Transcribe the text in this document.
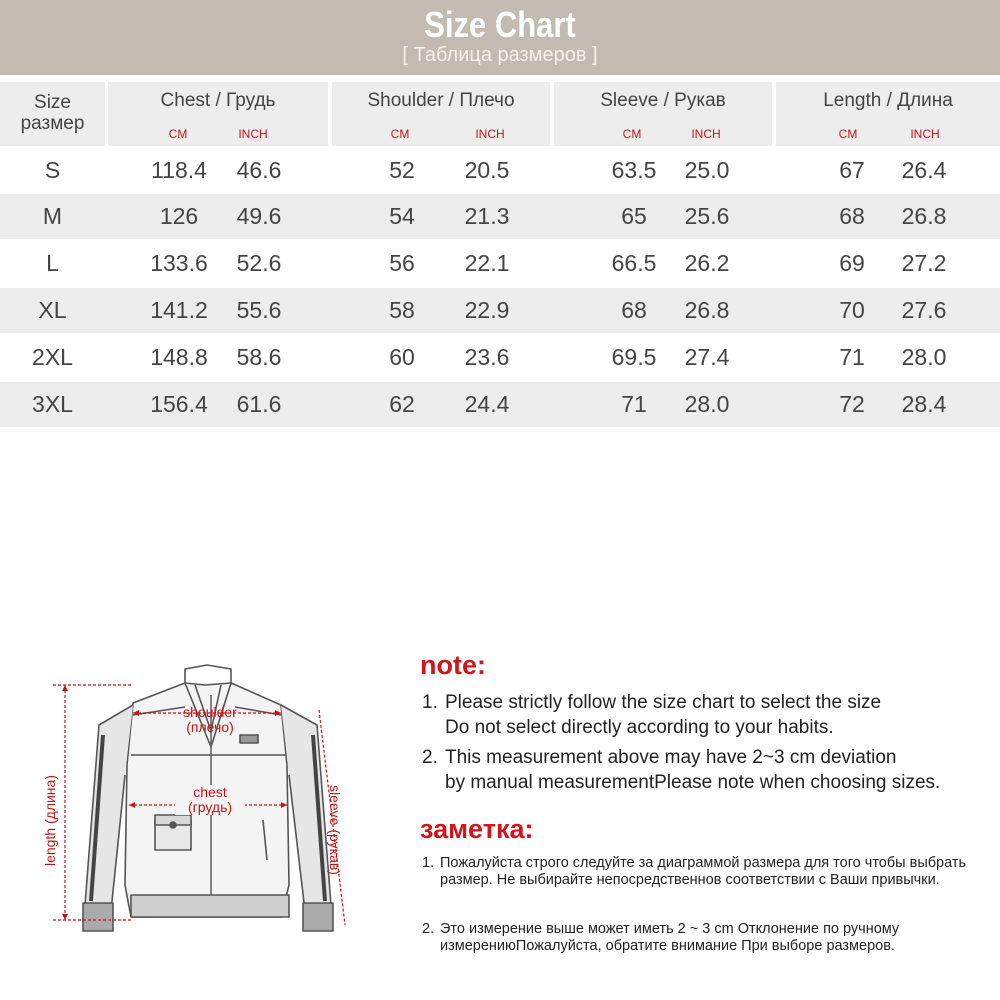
Size Chart
[ Таблица размеров ]
Size
размер
Chest / Грудь
CM	INCH
Shoulder / Плечо
CM	INCH
Sleeve / Рукав
CM	INCH
Length / Длина
CM	INCH
S	118.4	46.6	52	20.5	63.5	25.0	67	26.4
M	126	49.6	54	21.3	65	25.6	68	26.8
L	133.6	52.6	56	22.1	66.5	26.2	69	27.2
XL	141.2	55.6	58	22.9	68	26.8	70	27.6
2XL	148.8	58.6	60	23.6	69.5	27.4	71	28.0
3XL	156.4	61.6	62	24.4	71	28.0	72	28.4
shoulder
(плечо)
chest
(грудь)
length (длина)	sleeve (рукав)
note:
1. Please strictly follow the size chart to select the size
Do not select directly according to your habits.
2. This measurement above may have 2~3 cm deviation
by manual measurementPlease note when choosing sizes.
заметка:
1. Пожалуйста строго следуйте за диаграммой размера для того чтобы выбрать размер. Не выбирайте непосредственнов соответствии с Ваши привычки.
2. Это измерение выше может иметь 2 ~ 3 cm Отклонение по ручному измерениюПожалуйста, обратите внимание При выборе размеров.
